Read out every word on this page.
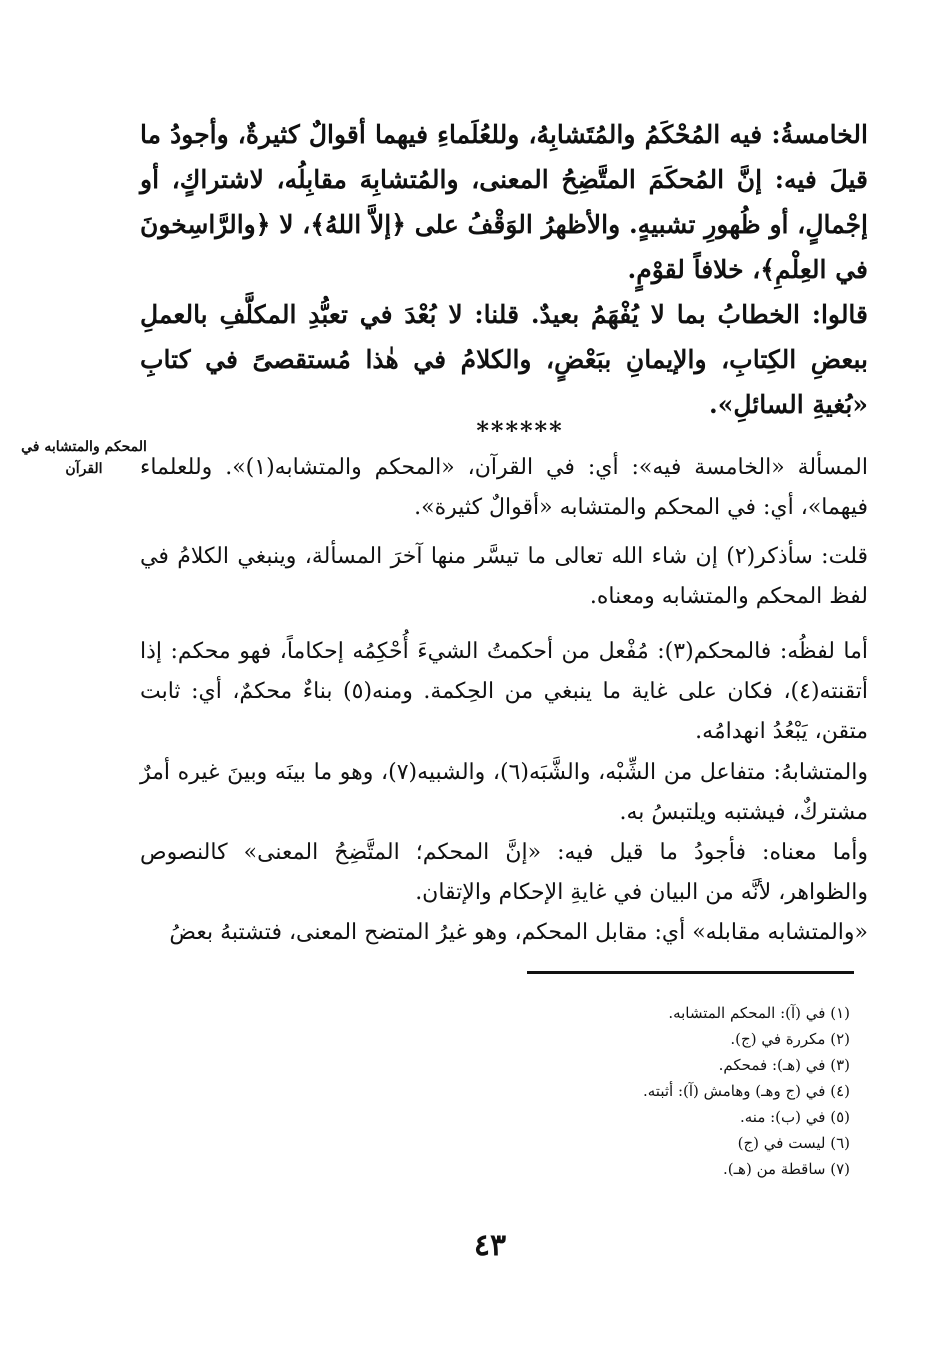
الخامسةُ: فيه المُحْكَمُ والمُتَشابِهُ، وللعُلَماءِ فيهما أقوالٌ كثيرةٌ، وأجودُ ما قيلَ فيه: إنَّ المُحكَمَ المتَّضِحُ المعنى، والمُتشابِهَ مقابِلُه، لاشتراكٍ، أو إجْمالٍ، أو ظُهورِ تشبيهٍ. والأظهرُ الوَقْفُ على ﴿إلاَّ اللهُ﴾، لا ﴿والرَّاسِخونَ في العِلْمِ﴾، خلافاً لقوْمٍ.

قالوا: الخطابُ بما لا يُفْهَمُ بعيدٌ. قلنا: لا بُعْدَ في تعبُّدِ المكلَّفِ بالعملِ ببعضِ الكِتابِ، والإيمانِ ببَعْضٍ، والكلامُ في هٰذا مُستقصىً في كتابِ «بُغيةِ السائلِ».

******
المحكم والمتشابه في القرآن	المسألة «الخامسة فيه»: أي: في القرآن، «المحكم والمتشابه(١)». وللعلماء فيهما»، أي: في المحكم والمتشابه «أقوالٌ كثيرة».

قلت: سأذكر(٢) إن شاء الله تعالى ما تيسَّر منها آخرَ المسألة، وينبغي الكلامُ في لفظ المحكم والمتشابه ومعناه.

أما لفظُه: فالمحكم(٣): مُفْعل من أحكمتُ الشيءَ أُحْكِمُه إحكاماً، فهو محكم: إذا أتقنته(٤)، فكان على غاية ما ينبغي من الحِكمة. ومنه(٥) بناءٌ محكمٌ، أي: ثابت متقن، يَبْعُدُ انهدامُه.

والمتشابهُ: متفاعل من الشِّبْه، والشَّبَه(٦)، والشبيه(٧)، وهو ما بينَه وبينَ غيره أمرٌ مشتركٌ، فيشتبه ويلتبسُ به.

وأما معناه: فأجودُ ما قيل فيه: «إنَّ المحكم؛ المتَّضِحُ المعنى» كالنصوص والظواهر، لأنَّه من البيان في غايةِ الإحكام والإتقان.

«والمتشابه مقابله» أي: مقابل المحكم، وهو غيرُ المتضح المعنى، فتشتبهُ بعضُ

(١) في (آ): المحكم المتشابه.
(٢) مكررة في (ج).
(٣) في (هـ): فمحكم.
(٤) في (ج وهـ) وهامش (آ): أثبته.
(٥) في (ب): منه.
(٦) ليست في (ج)
(٧) ساقطة من (هـ).
٤٣
